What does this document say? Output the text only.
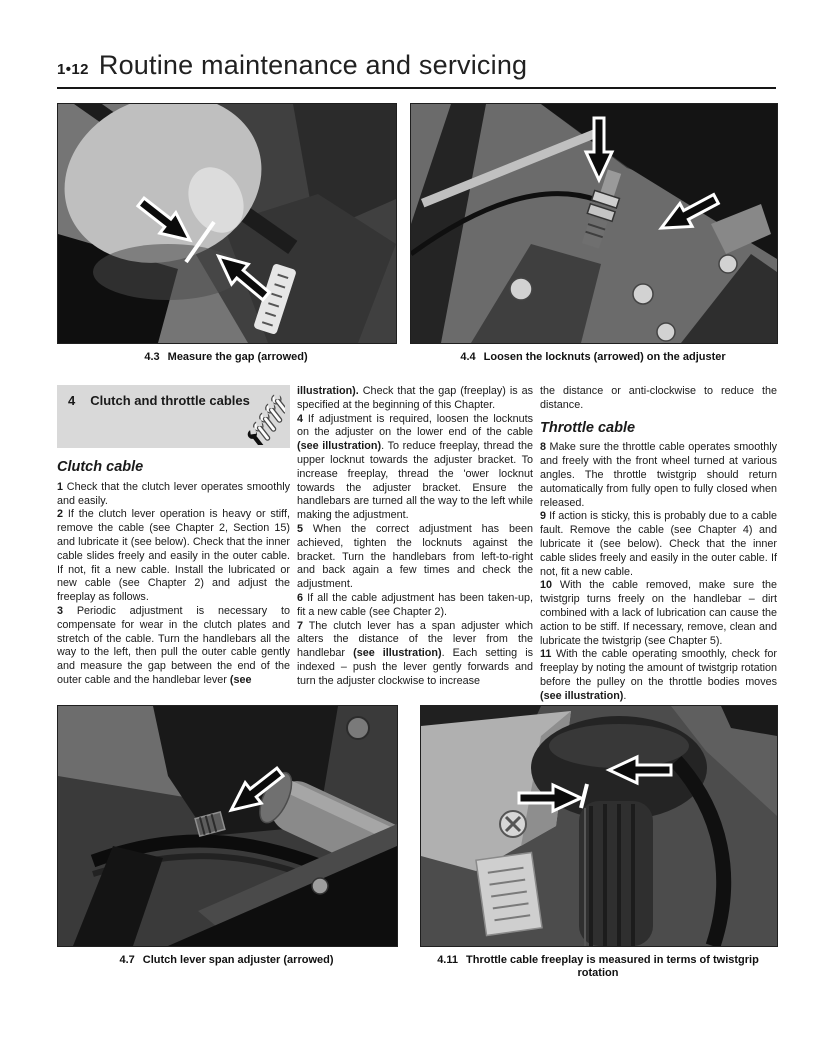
1•12 Routine maintenance and servicing
4.3 Measure the gap (arrowed)	4.4 Loosen the locknuts (arrowed) on the adjuster
4 Clutch and throttle cables
Clutch cable

1 Check that the clutch lever operates smoothly and easily.

2 If the clutch lever operation is heavy or stiff, remove the cable (see Chapter 2, Section 15) and lubricate it (see below). Check that the inner cable slides freely and easily in the outer cable. If not, fit a new cable. Install the lubricated or new cable (see Chapter 2) and adjust the freeplay as follows.

3 Periodic adjustment is necessary to compensate for wear in the clutch plates and stretch of the cable. Turn the handlebars all the way to the left, then pull the outer cable gently and measure the gap between the end of the outer cable and the handlebar lever (see

illustration). Check that the gap (freeplay) is as specified at the beginning of this Chapter.

4 If adjustment is required, loosen the locknuts on the adjuster on the lower end of the cable (see illustration). To reduce freeplay, thread the upper locknut towards the adjuster bracket. To increase freeplay, thread the 'ower locknut towards the adjuster bracket. Ensure the handlebars are turned all the way to the left while making the adjustment.

5 When the correct adjustment has been achieved, tighten the locknuts against the bracket. Turn the handlebars from left-to-right and back again a few times and check the adjustment.

6 If all the cable adjustment has been taken-up, fit a new cable (see Chapter 2).

7 The clutch lever has a span adjuster which alters the distance of the lever from the handlebar (see illustration). Each setting is indexed – push the lever gently forwards and turn the adjuster clockwise to increase

the distance or anti-clockwise to reduce the distance.

Throttle cable

8 Make sure the throttle cable operates smoothly and freely with the front wheel turned at various angles. The throttle twistgrip should return automatically from fully open to fully closed when released.

9 If action is sticky, this is probably due to a cable fault. Remove the cable (see Chapter 4) and lubricate it (see below). Check that the inner cable slides freely and easily in the outer cable. If not, fit a new cable.

10 With the cable removed, make sure the twistgrip turns freely on the handlebar – dirt combined with a lack of lubrication can cause the action to be stiff. If necessary, remove, clean and lubricate the twistgrip (see Chapter 5).

11 With the cable operating smoothly, check for freeplay by noting the amount of twistgrip rotation before the pulley on the throttle bodies moves (see illustration).

4.7 Clutch lever span adjuster (arrowed)	4.11 Throttle cable freeplay is measured in terms of twistgrip rotation
